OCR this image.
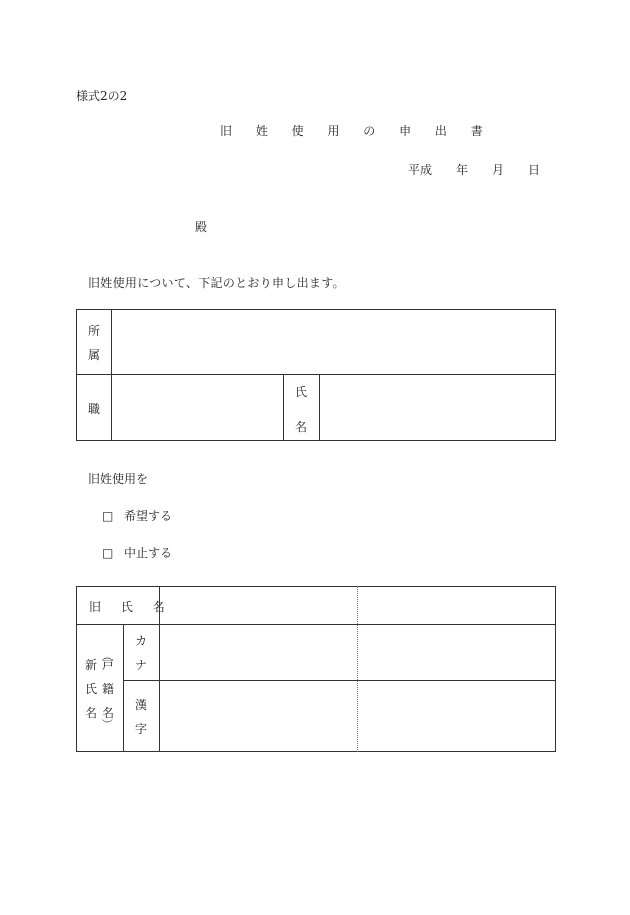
様式2の2
旧 姓 使 用 の 申 出 書
平成 年 月 日
殿
旧姓使用について、下記のとおり申し出ます。
所
属
職
氏
名
旧姓使用を
□ 希望する
□ 中止する
旧 氏 名
新
氏
名
（
戸
籍
名
）
カ
ナ
漢
字
